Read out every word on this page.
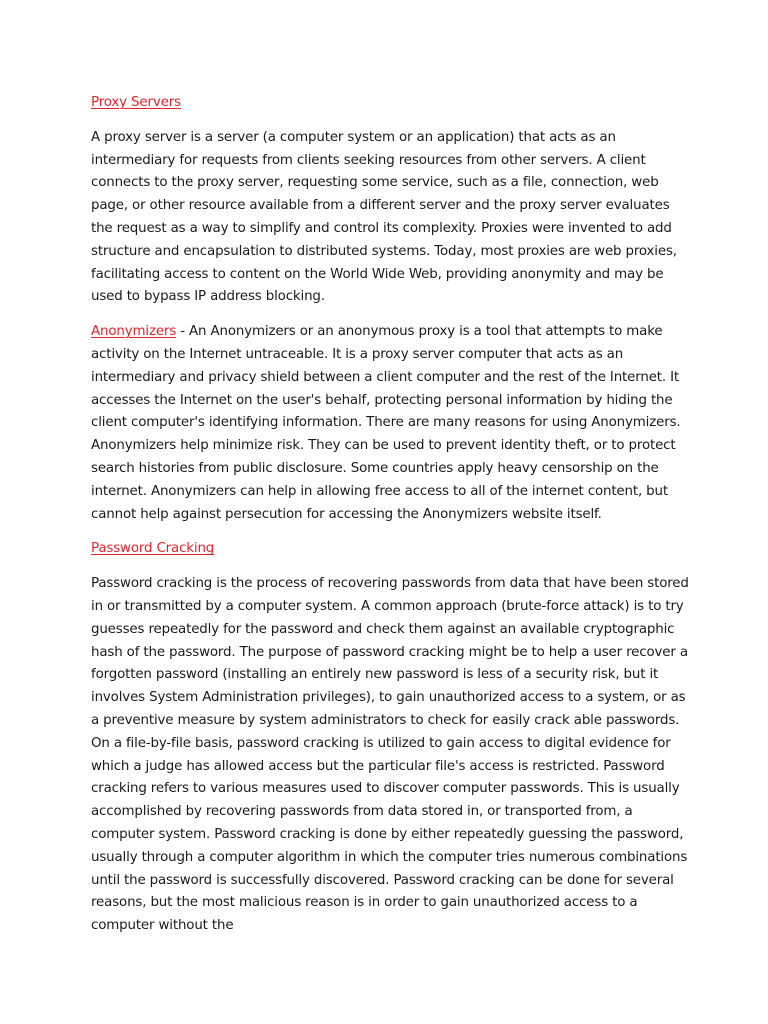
Proxy Servers

A proxy server is a server (a computer system or an application) that acts as an intermediary for requests from clients seeking resources from other servers. A client connects to the proxy server, requesting some service, such as a file, connection, web page, or other resource available from a different server and the proxy server evaluates the request as a way to simplify and control its complexity. Proxies were invented to add structure and encapsulation to distributed systems. Today, most proxies are web proxies, facilitating access to content on the World Wide Web, providing anonymity and may be used to bypass IP address blocking.

Anonymizers - An Anonymizers or an anonymous proxy is a tool that attempts to make activity on the Internet untraceable. It is a proxy server computer that acts as an intermediary and privacy shield between a client computer and the rest of the Internet. It accesses the Internet on the user's behalf, protecting personal information by hiding the client computer's identifying information. There are many reasons for using Anonymizers. Anonymizers help minimize risk. They can be used to prevent identity theft, or to protect search histories from public disclosure. Some countries apply heavy censorship on the internet. Anonymizers can help in allowing free access to all of the internet content, but cannot help against persecution for accessing the Anonymizers website itself.

Password Cracking

Password cracking is the process of recovering passwords from data that have been stored in or transmitted by a computer system. A common approach (brute-force attack) is to try guesses repeatedly for the password and check them against an available cryptographic hash of the password. The purpose of password cracking might be to help a user recover a forgotten password (installing an entirely new password is less of a security risk, but it involves System Administration privileges), to gain unauthorized access to a system, or as a preventive measure by system administrators to check for easily crack able passwords. On a file-by-file basis, password cracking is utilized to gain access to digital evidence for which a judge has allowed access but the particular file's access is restricted. Password cracking refers to various measures used to discover computer passwords. This is usually accomplished by recovering passwords from data stored in, or transported from, a computer system. Password cracking is done by either repeatedly guessing the password, usually through a computer algorithm in which the computer tries numerous combinations until the password is successfully discovered. Password cracking can be done for several reasons, but the most malicious reason is in order to gain unauthorized access to a computer without the
